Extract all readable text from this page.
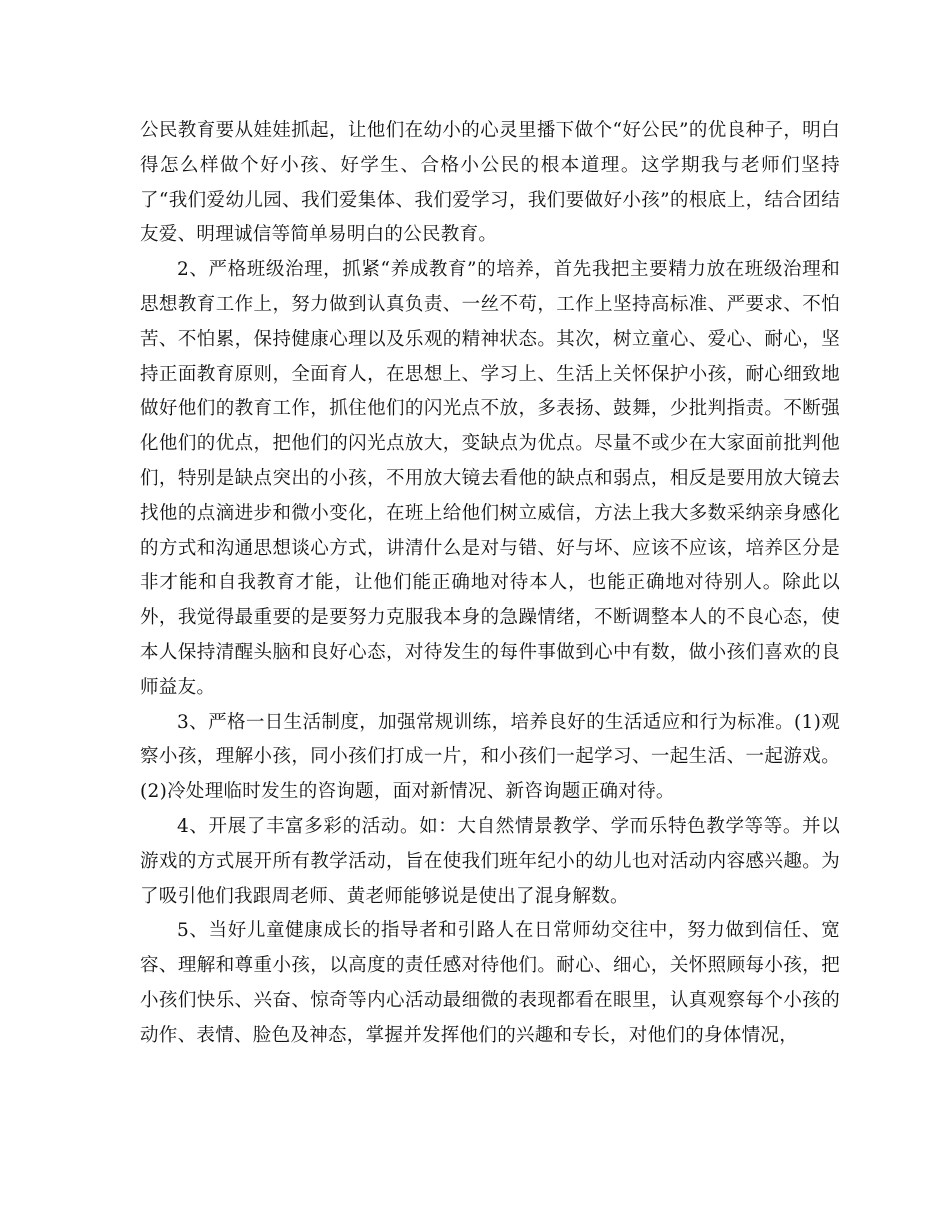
公民教育要从娃娃抓起，让他们在幼小的心灵里播下做个“好公民”的优良种子，明白得怎么样做个好小孩、好学生、合格小公民的根本道理。这学期我与老师们坚持了“我们爱幼儿园、我们爱集体、我们爱学习，我们要做好小孩”的根底上，结合团结友爱、明理诚信等简单易明白的公民教育。

2、严格班级治理，抓紧“养成教育”的培养，首先我把主要精力放在班级治理和思想教育工作上，努力做到认真负责、一丝不苟，工作上坚持高标准、严要求、不怕苦、不怕累，保持健康心理以及乐观的精神状态。其次，树立童心、爱心、耐心，坚持正面教育原则，全面育人，在思想上、学习上、生活上关怀保护小孩，耐心细致地做好他们的教育工作，抓住他们的闪光点不放，多表扬、鼓舞，少批判指责。不断强化他们的优点，把他们的闪光点放大，变缺点为优点。尽量不或少在大家面前批判他们，特别是缺点突出的小孩，不用放大镜去看他的缺点和弱点，相反是要用放大镜去找他的点滴进步和微小变化，在班上给他们树立威信，方法上我大多数采纳亲身感化的方式和沟通思想谈心方式，讲清什么是对与错、好与坏、应该不应该，培养区分是非才能和自我教育才能，让他们能正确地对待本人，也能正确地对待别人。除此以外，我觉得最重要的是要努力克服我本身的急躁情绪，不断调整本人的不良心态，使本人保持清醒头脑和良好心态，对待发生的每件事做到心中有数，做小孩们喜欢的良师益友。

3、严格一日生活制度，加强常规训练，培养良好的生活适应和行为标准。(1)观察小孩，理解小孩，同小孩们打成一片，和小孩们一起学习、一起生活、一起游戏。(2)冷处理临时发生的咨询题，面对新情况、新咨询题正确对待。

4、开展了丰富多彩的活动。如：大自然情景教学、学而乐特色教学等等。并以游戏的方式展开所有教学活动，旨在使我们班年纪小的幼儿也对活动内容感兴趣。为了吸引他们我跟周老师、黄老师能够说是使出了混身解数。

5、当好儿童健康成长的指导者和引路人在日常师幼交往中，努力做到信任、宽容、理解和尊重小孩，以高度的责任感对待他们。耐心、细心，关怀照顾每小孩，把小孩们快乐、兴奋、惊奇等内心活动最细微的表现都看在眼里，认真观察每个小孩的动作、表情、脸色及神态，掌握并发挥他们的兴趣和专长，对他们的身体情况，
